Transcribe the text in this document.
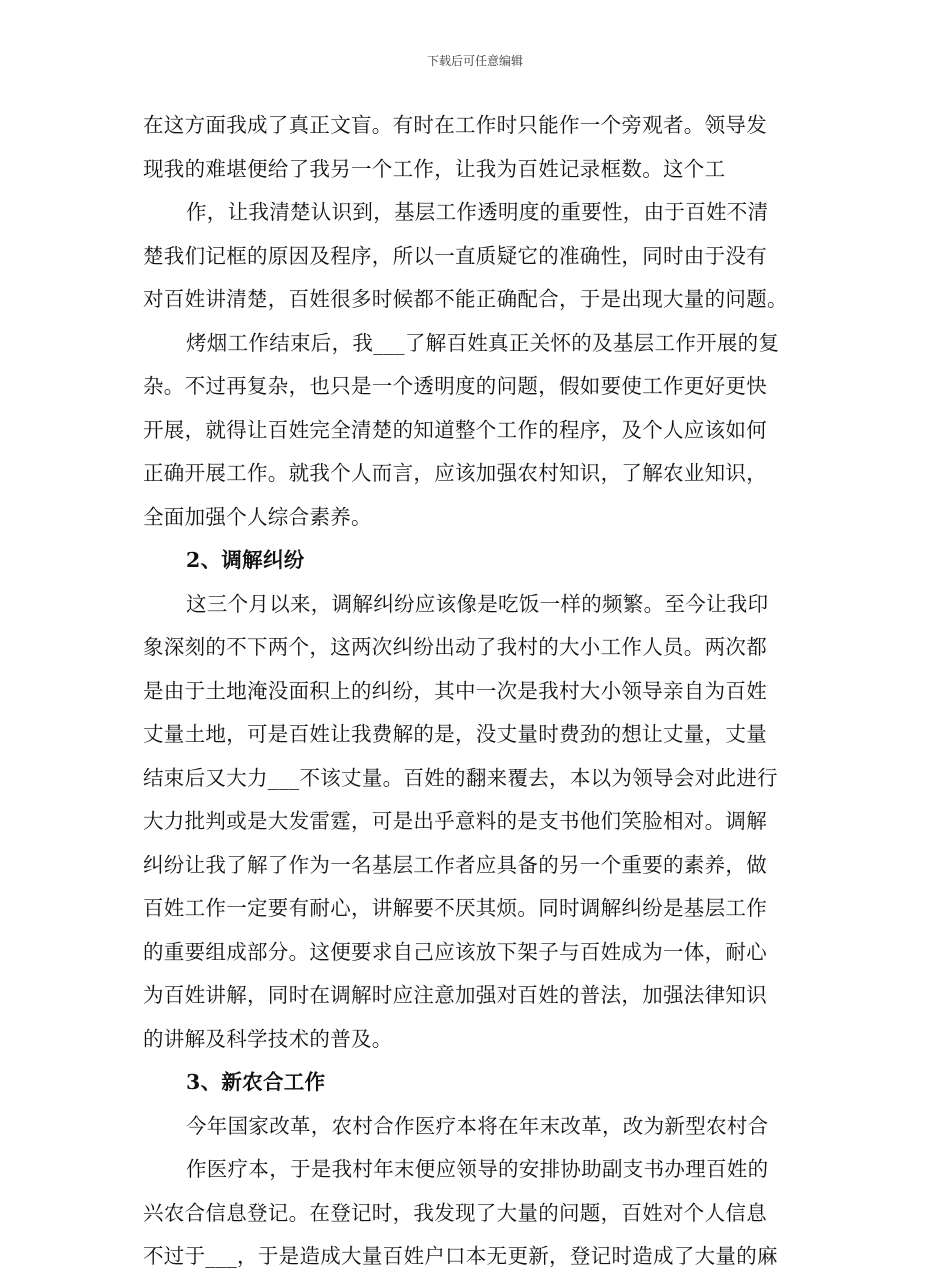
下载后可任意编辑
在这方面我成了真正文盲。有时在工作时只能作一个旁观者。领导发
现我的难堪便给了我另一个工作，让我为百姓记录框数。这个工
作，让我清楚认识到，基层工作透明度的重要性，由于百姓不清
楚我们记框的原因及程序，所以一直质疑它的准确性，同时由于没有
对百姓讲清楚，百姓很多时候都不能正确配合，于是出现大量的问题。
烤烟工作结束后，我___了解百姓真正关怀的及基层工作开展的复
杂。不过再复杂，也只是一个透明度的问题，假如要使工作更好更快
开展，就得让百姓完全清楚的知道整个工作的程序，及个人应该如何
正确开展工作。就我个人而言，应该加强农村知识，了解农业知识，
全面加强个人综合素养。
2、调解纠纷
这三个月以来，调解纠纷应该像是吃饭一样的频繁。至今让我印
象深刻的不下两个，这两次纠纷出动了我村的大小工作人员。两次都
是由于土地淹没面积上的纠纷，其中一次是我村大小领导亲自为百姓
丈量土地，可是百姓让我费解的是，没丈量时费劲的想让丈量，丈量
结束后又大力___不该丈量。百姓的翻来覆去，本以为领导会对此进行
大力批判或是大发雷霆，可是出乎意料的是支书他们笑脸相对。调解
纠纷让我了解了作为一名基层工作者应具备的另一个重要的素养，做
百姓工作一定要有耐心，讲解要不厌其烦。同时调解纠纷是基层工作
的重要组成部分。这便要求自己应该放下架子与百姓成为一体，耐心
为百姓讲解，同时在调解时应注意加强对百姓的普法，加强法律知识
的讲解及科学技术的普及。
3、新农合工作
今年国家改革，农村合作医疗本将在年末改革，改为新型农村合
作医疗本，于是我村年末便应领导的安排协助副支书办理百姓的
兴农合信息登记。在登记时，我发现了大量的问题，百姓对个人信息
不过于___，于是造成大量百姓户口本无更新，登记时造成了大量的麻
